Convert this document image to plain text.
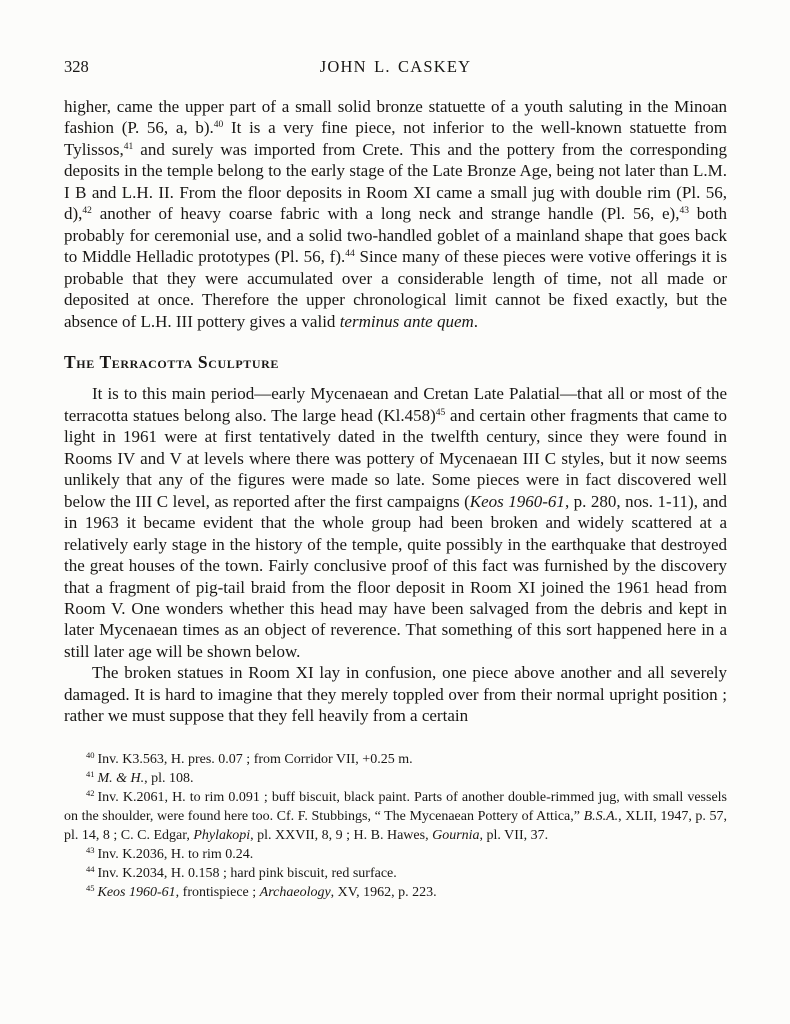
328	JOHN L. CASKEY

higher, came the upper part of a small solid bronze statuette of a youth saluting in the Minoan fashion (P. 56, a, b).$^{40}$ It is a very fine piece, not inferior to the well-known statuette from Tylissos,$^{41}$ and surely was imported from Crete. This and the pottery from the corresponding deposits in the temple belong to the early stage of the Late Bronze Age, being not later than L.M. I B and L.H. II. From the floor deposits in Room XI came a small jug with double rim (Pl. 56, d),$^{42}$ another of heavy coarse fabric with a long neck and strange handle (Pl. 56, e),$^{43}$ both probably for ceremonial use, and a solid two-handled goblet of a mainland shape that goes back to Middle Helladic prototypes (Pl. 56, f).$^{44}$ Since many of these pieces were votive offerings it is probable that they were accumulated over a considerable length of time, not all made or deposited at once. Therefore the upper chronological limit cannot be fixed exactly, but the absence of L.H. III pottery gives a valid terminus ante quem.

The Terracotta Sculpture

It is to this main period—early Mycenaean and Cretan Late Palatial—that all or most of the terracotta statues belong also. The large head (Kl.458)$^{45}$ and certain other fragments that came to light in 1961 were at first tentatively dated in the twelfth century, since they were found in Rooms IV and V at levels where there was pottery of Mycenaean III C styles, but it now seems unlikely that any of the figures were made so late. Some pieces were in fact discovered well below the III C level, as reported after the first campaigns (Keos 1960-61, p. 280, nos. 1-11), and in 1963 it became evident that the whole group had been broken and widely scattered at a relatively early stage in the history of the temple, quite possibly in the earthquake that destroyed the great houses of the town. Fairly conclusive proof of this fact was furnished by the discovery that a fragment of pig-tail braid from the floor deposit in Room XI joined the 1961 head from Room V. One wonders whether this head may have been salvaged from the debris and kept in later Mycenaean times as an object of reverence. That something of this sort happened here in a still later age will be shown below.

The broken statues in Room XI lay in confusion, one piece above another and all severely damaged. It is hard to imagine that they merely toppled over from their normal upright position ; rather we must suppose that they fell heavily from a certain

$^{40}$ Inv. K3.563, H. pres. 0.07 ; from Corridor VII, +0.25 m.

$^{41}$ M. & H., pl. 108.

$^{42}$ Inv. K.2061, H. to rim 0.091 ; buff biscuit, black paint. Parts of another double-rimmed jug, with small vessels on the shoulder, were found here too. Cf. F. Stubbings, “ The Mycenaean Pottery of Attica,” B.S.A., XLII, 1947, p. 57, pl. 14, 8 ; C. C. Edgar, Phylakopi, pl. XXVII, 8, 9 ; H. B. Hawes, Gournia, pl. VII, 37.

$^{43}$ Inv. K.2036, H. to rim 0.24.

$^{44}$ Inv. K.2034, H. 0.158 ; hard pink biscuit, red surface.

$^{45}$ Keos 1960-61, frontispiece ; Archaeology, XV, 1962, p. 223.
